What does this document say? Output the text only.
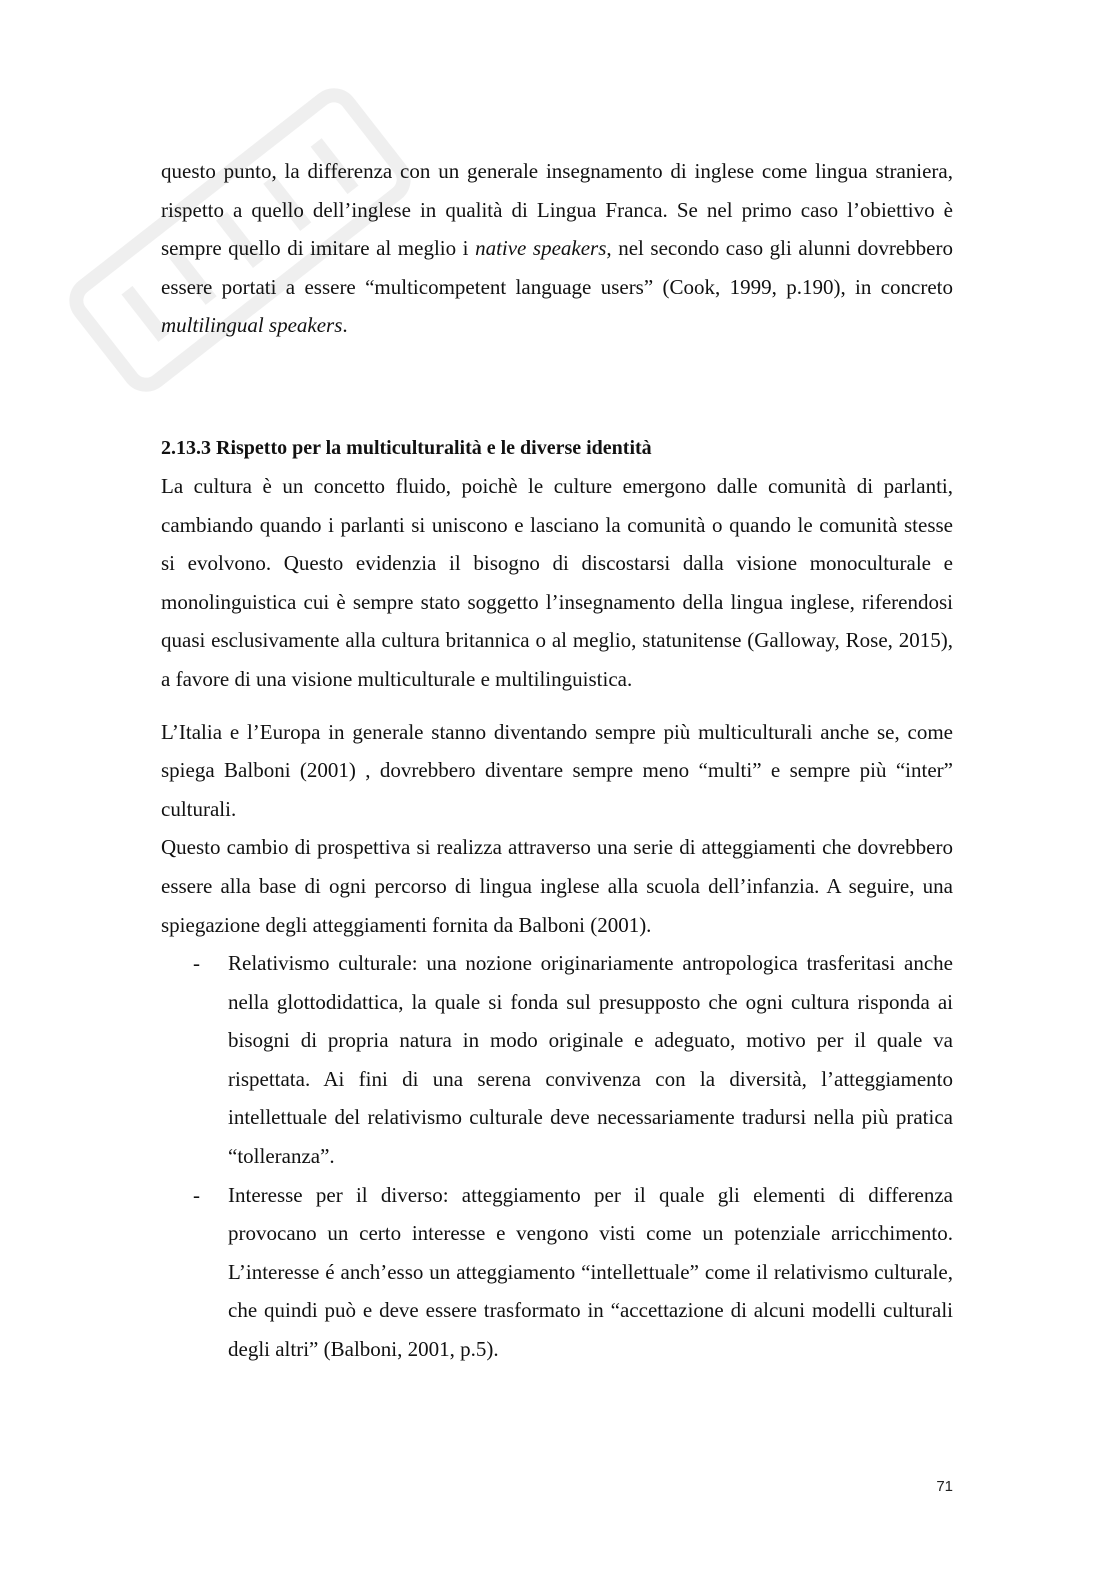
questo punto, la differenza con un generale insegnamento di inglese come lingua straniera, rispetto a quello dell’inglese in qualità di Lingua Franca. Se nel primo caso l’obiettivo è sempre quello di imitare al meglio i native speakers, nel secondo caso gli alunni dovrebbero essere portati a essere “multicompetent language users” (Cook, 1999, p.190), in concreto multilingual speakers.

2.13.3 Rispetto per la multiculturalità e le diverse identità

La cultura è un concetto fluido, poichè le culture emergono dalle comunità di parlanti, cambiando quando i parlanti si uniscono e lasciano la comunità o quando le comunità stesse si evolvono. Questo evidenzia il bisogno di discostarsi dalla visione monoculturale e monolinguistica cui è sempre stato soggetto l’insegnamento della lingua inglese, riferendosi quasi esclusivamente alla cultura britannica o al meglio, statunitense (Galloway, Rose, 2015), a favore di una visione multiculturale e multilinguistica.

L’Italia e l’Europa in generale stanno diventando sempre più multiculturali anche se, come spiega Balboni (2001) , dovrebbero diventare sempre meno “multi” e sempre più “inter” culturali.

Questo cambio di prospettiva si realizza attraverso una serie di atteggiamenti che dovrebbero essere alla base di ogni percorso di lingua inglese alla scuola dell’infanzia. A seguire, una spiegazione degli atteggiamenti fornita da Balboni (2001).

- Relativismo culturale: una nozione originariamente antropologica trasferitasi anche nella glottodidattica, la quale si fonda sul presupposto che ogni cultura risponda ai bisogni di propria natura in modo originale e adeguato, motivo per il quale va rispettata. Ai fini di una serena convivenza con la diversità, l’atteggiamento intellettuale del relativismo culturale deve necessariamente tradursi nella più pratica “tolleranza”.
- Interesse per il diverso: atteggiamento per il quale gli elementi di differenza provocano un certo interesse e vengono visti come un potenziale arricchimento. L’interesse é anch’esso un atteggiamento “intellettuale” come il relativismo culturale, che quindi può e deve essere trasformato in “accettazione di alcuni modelli culturali degli altri” (Balboni, 2001, p.5).
71
